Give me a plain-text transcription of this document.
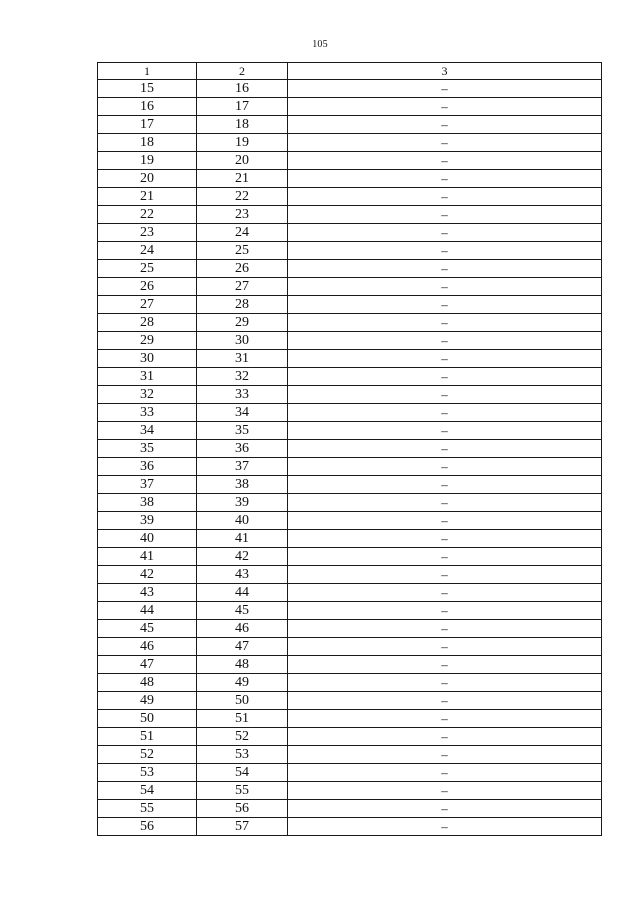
105
1	2	3
15	16	–
16	17	–
17	18	–
18	19	–
19	20	–
20	21	–
21	22	–
22	23	–
23	24	–
24	25	–
25	26	–
26	27	–
27	28	–
28	29	–
29	30	–
30	31	–
31	32	–
32	33	–
33	34	–
34	35	–
35	36	–
36	37	–
37	38	–
38	39	–
39	40	–
40	41	–
41	42	–
42	43	–
43	44	–
44	45	–
45	46	–
46	47	–
47	48	–
48	49	–
49	50	–
50	51	–
51	52	–
52	53	–
53	54	–
54	55	–
55	56	–
56	57	–
